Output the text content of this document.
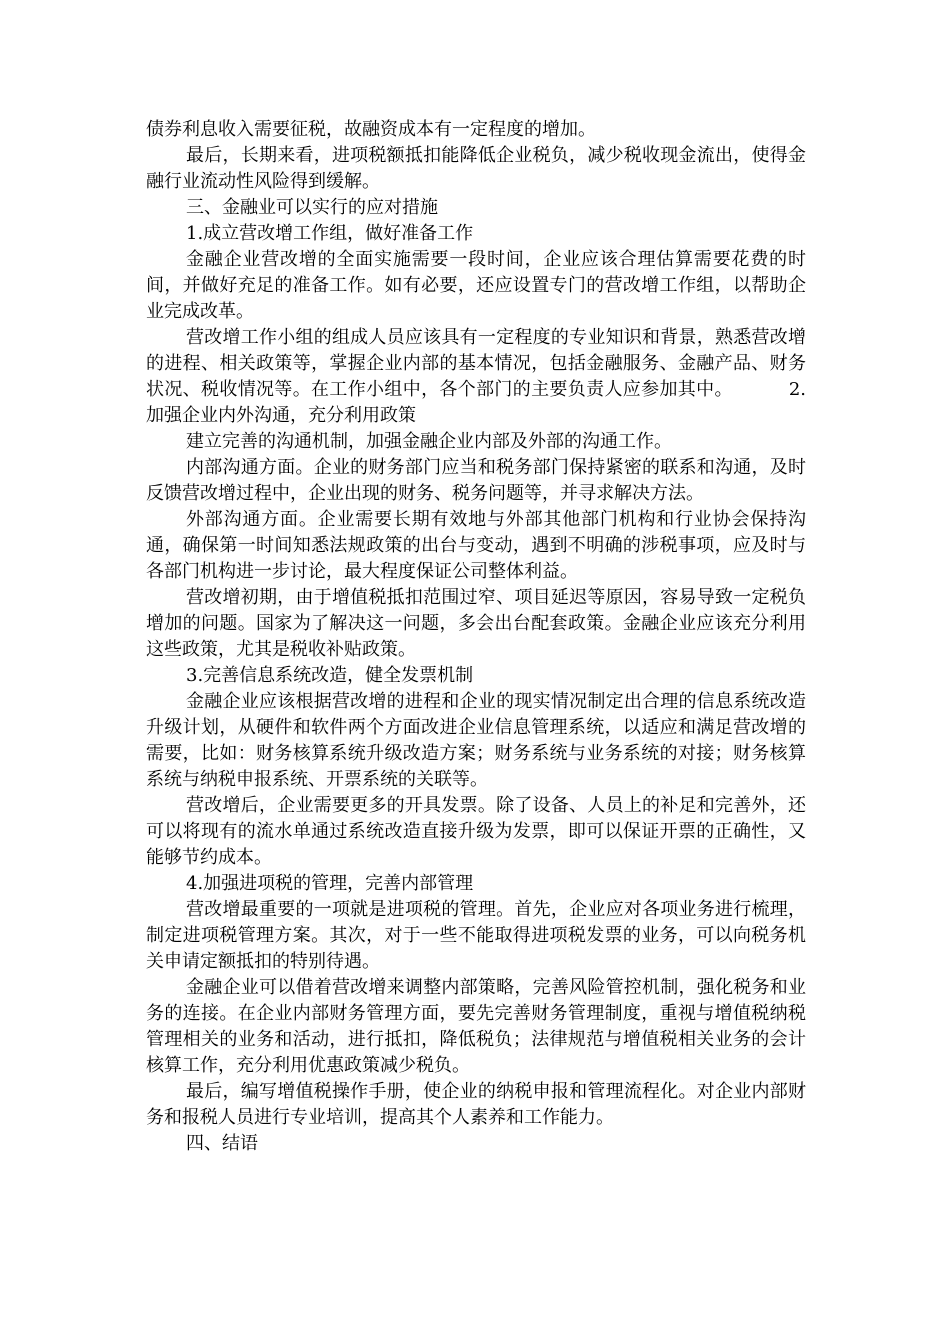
债券利息收入需要征税，故融资成本有一定程度的增加。

最后，长期来看，进项税额抵扣能降低企业税负，减少税收现金流出，使得金融行业流动性风险得到缓解。

三、金融业可以实行的应对措施

1.成立营改增工作组，做好准备工作

金融企业营改增的全面实施需要一段时间，企业应该合理估算需要花费的时间，并做好充足的准备工作。如有必要，还应设置专门的营改增工作组，以帮助企业完成改革。

营改增工作小组的组成人员应该具有一定程度的专业知识和背景，熟悉营改增的进程、相关政策等，掌握企业内部的基本情况，包括金融服务、金融产品、财务状况、税收情况等。在工作小组中，各个部门的主要负责人应参加其中。	2.加强企业内外沟通，充分利用政策

建立完善的沟通机制，加强金融企业内部及外部的沟通工作。

内部沟通方面。企业的财务部门应当和税务部门保持紧密的联系和沟通，及时反馈营改增过程中，企业出现的财务、税务问题等，并寻求解决方法。

外部沟通方面。企业需要长期有效地与外部其他部门机构和行业协会保持沟通，确保第一时间知悉法规政策的出台与变动，遇到不明确的涉税事项，应及时与各部门机构进一步讨论，最大程度保证公司整体利益。

营改增初期，由于增值税抵扣范围过窄、项目延迟等原因，容易导致一定税负增加的问题。国家为了解决这一问题，多会出台配套政策。金融企业应该充分利用这些政策，尤其是税收补贴政策。

3.完善信息系统改造，健全发票机制

金融企业应该根据营改增的进程和企业的现实情况制定出合理的信息系统改造升级计划，从硬件和软件两个方面改进企业信息管理系统，以适应和满足营改增的需要，比如：财务核算系统升级改造方案；财务系统与业务系统的对接；财务核算系统与纳税申报系统、开票系统的关联等。

营改增后，企业需要更多的开具发票。除了设备、人员上的补足和完善外，还可以将现有的流水单通过系统改造直接升级为发票，即可以保证开票的正确性，又能够节约成本。

4.加强进项税的管理，完善内部管理

营改增最重要的一项就是进项税的管理。首先，企业应对各项业务进行梳理，制定进项税管理方案。其次，对于一些不能取得进项税发票的业务，可以向税务机关申请定额抵扣的特别待遇。

金融企业可以借着营改增来调整内部策略，完善风险管控机制，强化税务和业务的连接。在企业内部财务管理方面，要先完善财务管理制度，重视与增值税纳税管理相关的业务和活动，进行抵扣，降低税负；法律规范与增值税相关业务的会计核算工作，充分利用优惠政策减少税负。

最后，编写增值税操作手册，使企业的纳税申报和管理流程化。对企业内部财务和报税人员进行专业培训，提高其个人素养和工作能力。

四、结语
